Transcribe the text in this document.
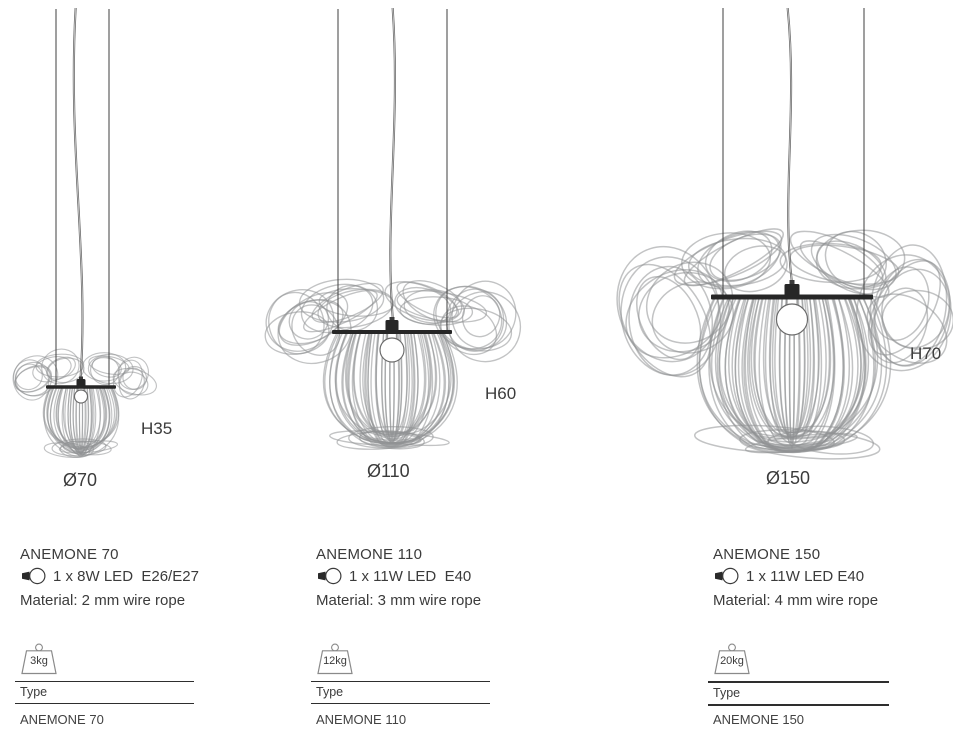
H35
Ø70
H60
Ø110
H70
Ø150
ANEMONE 70
1 x 8W LED  E26/E27
Material: 2 mm wire rope
3kg
Type
ANEMONE 70
ANEMONE 110
1 x 11W LED  E40
Material: 3 mm wire rope
12kg
Type
ANEMONE 110
ANEMONE 150
1 x 11W LED E40
Material: 4 mm wire rope
20kg
Type
ANEMONE 150
